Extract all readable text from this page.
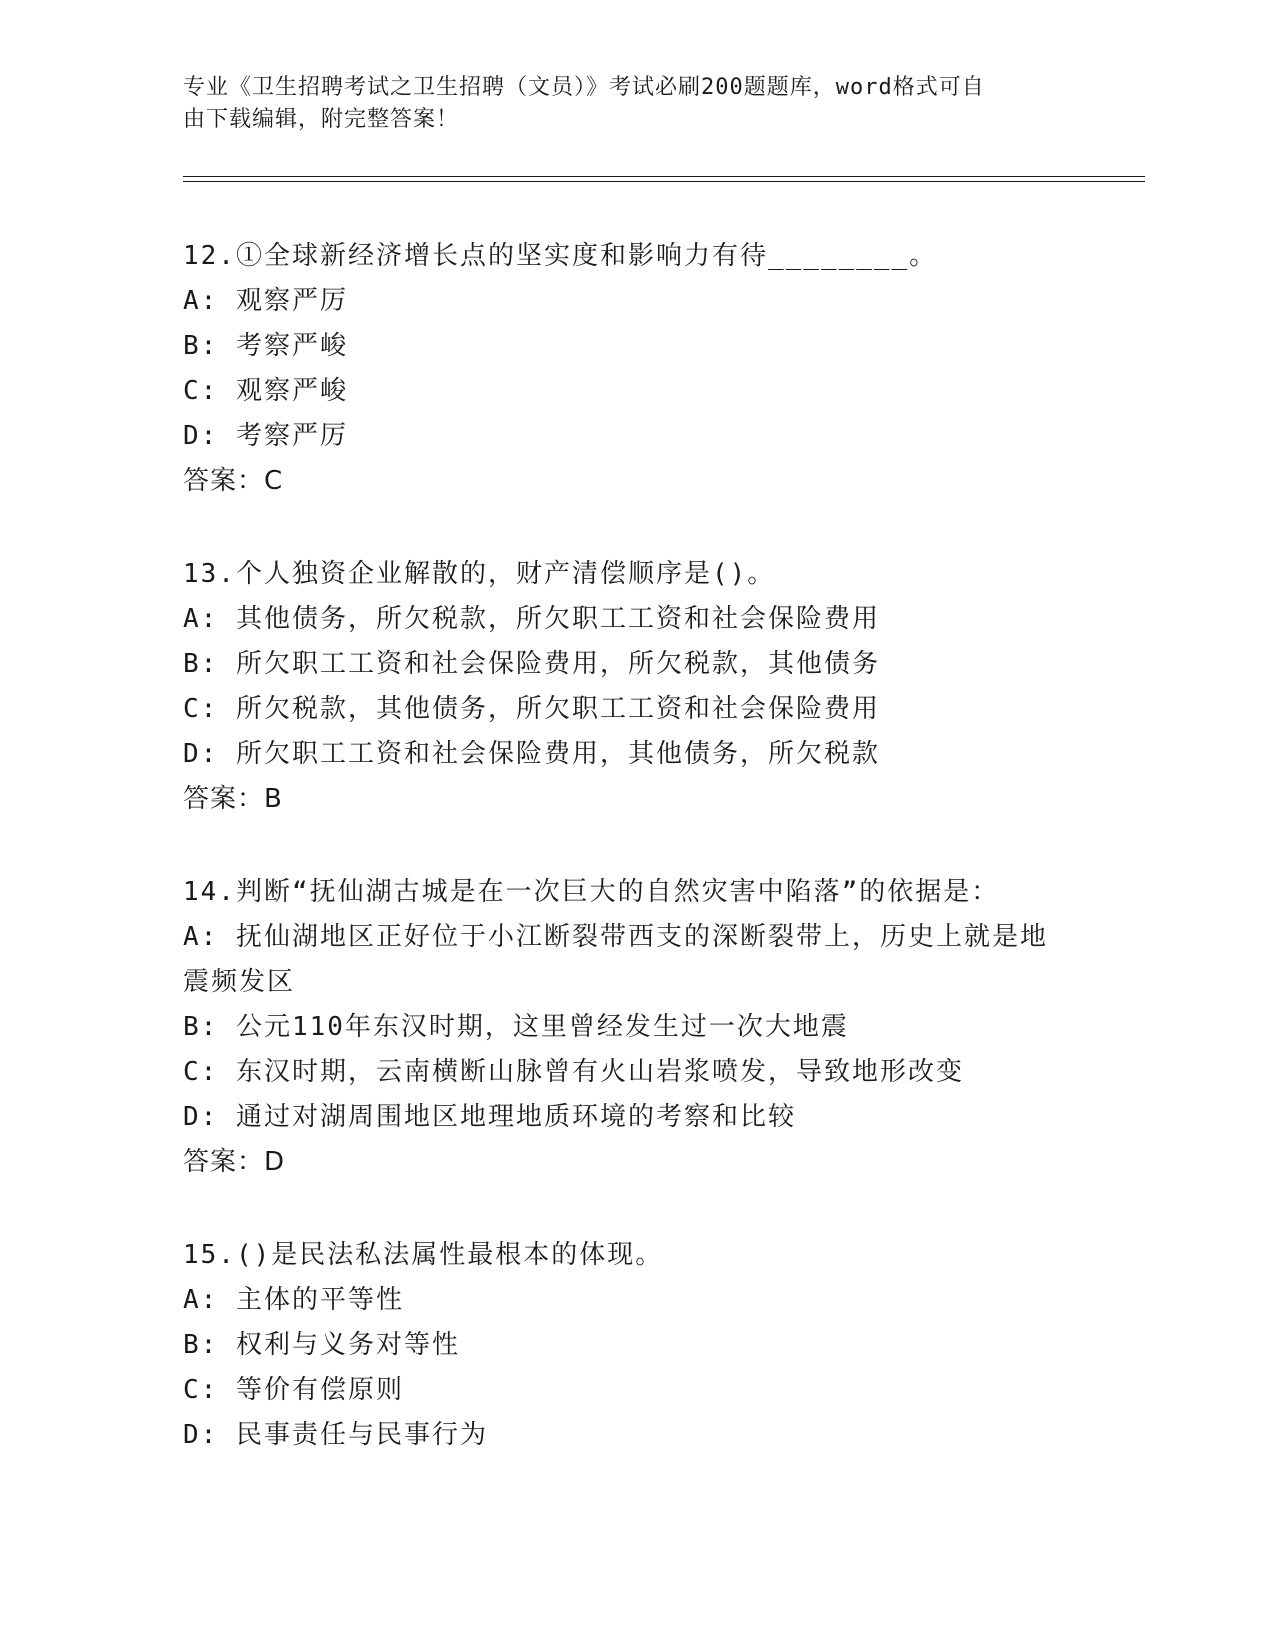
专业《卫生招聘考试之卫生招聘（文员）》考试必刷200题题库，word格式可自
由下载编辑，附完整答案！
12.①全球新经济增长点的坚实度和影响力有待________。
A: 观察严厉
B: 考察严峻
C: 观察严峻
D: 考察严厉
答案：C
13.个人独资企业解散的，财产清偿顺序是()。
A: 其他债务，所欠税款，所欠职工工资和社会保险费用
B: 所欠职工工资和社会保险费用，所欠税款，其他债务
C: 所欠税款，其他债务，所欠职工工资和社会保险费用
D: 所欠职工工资和社会保险费用，其他债务，所欠税款
答案：B
14.判断“抚仙湖古城是在一次巨大的自然灾害中陷落”的依据是：
A: 抚仙湖地区正好位于小江断裂带西支的深断裂带上，历史上就是地
震频发区
B: 公元110年东汉时期，这里曾经发生过一次大地震
C: 东汉时期，云南横断山脉曾有火山岩浆喷发，导致地形改变
D: 通过对湖周围地区地理地质环境的考察和比较
答案：D
15.()是民法私法属性最根本的体现。
A: 主体的平等性
B: 权利与义务对等性
C: 等价有偿原则
D: 民事责任与民事行为
